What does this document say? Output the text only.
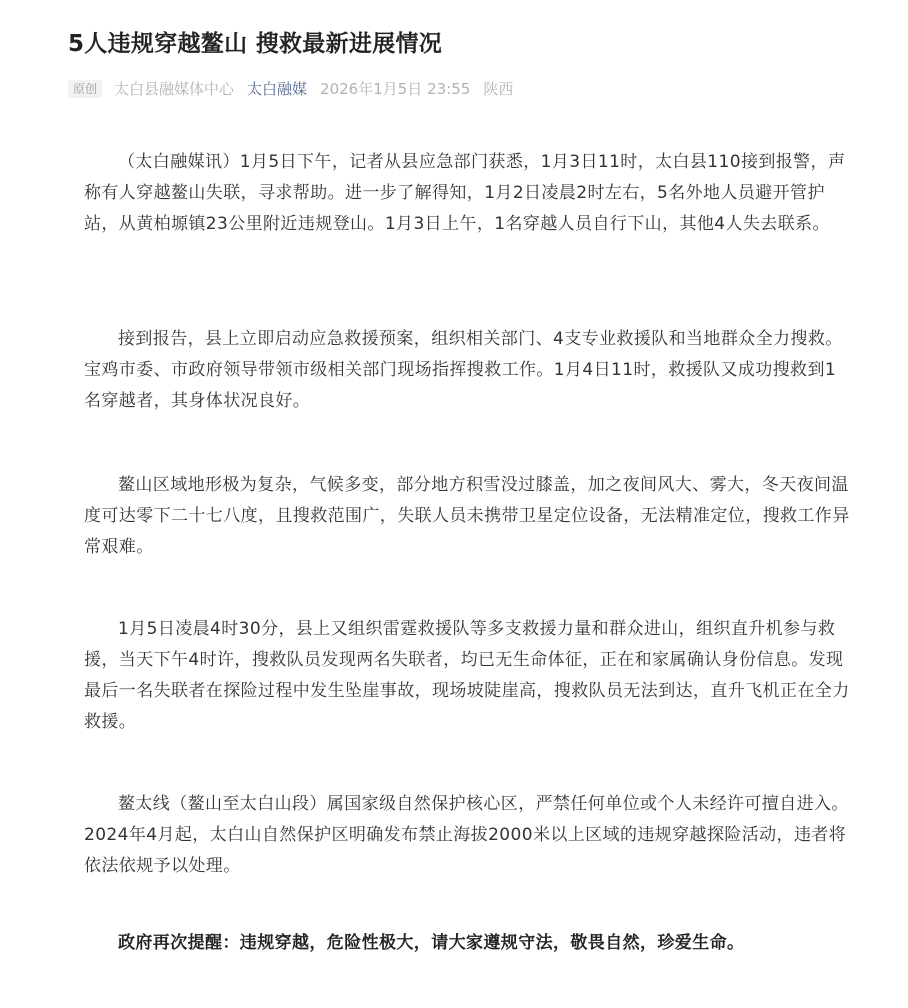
5人违规穿越鳌山 搜救最新进展情况
原创	太白县融媒体中心 太白融媒 2026年1月5日 23:55 陕西

（太白融媒讯）1月5日下午，记者从县应急部门获悉，1月3日11时，太白县110接到报警，声称有人穿越鳌山失联，寻求帮助。进一步了解得知，1月2日凌晨2时左右，5名外地人员避开管护站，从黄柏塬镇23公里附近违规登山。1月3日上午，1名穿越人员自行下山，其他4人失去联系。

接到报告，县上立即启动应急救援预案，组织相关部门、4支专业救援队和当地群众全力搜救。宝鸡市委、市政府领导带领市级相关部门现场指挥搜救工作。1月4日11时，救援队又成功搜救到1名穿越者，其身体状况良好。

鳌山区域地形极为复杂，气候多变，部分地方积雪没过膝盖，加之夜间风大、雾大，冬天夜间温度可达零下二十七八度，且搜救范围广，失联人员未携带卫星定位设备，无法精准定位，搜救工作异常艰难。

1月5日凌晨4时30分，县上又组织雷霆救援队等多支救援力量和群众进山，组织直升机参与救援，当天下午4时许，搜救队员发现两名失联者，均已无生命体征，正在和家属确认身份信息。发现最后一名失联者在探险过程中发生坠崖事故，现场坡陡崖高，搜救队员无法到达，直升飞机正在全力救援。

鳌太线（鳌山至太白山段）属国家级自然保护核心区，严禁任何单位或个人未经许可擅自进入。2024年4月起，太白山自然保护区明确发布禁止海拔2000米以上区域的违规穿越探险活动，违者将依法依规予以处理。

政府再次提醒：违规穿越，危险性极大，请大家遵规守法，敬畏自然，珍爱生命。
